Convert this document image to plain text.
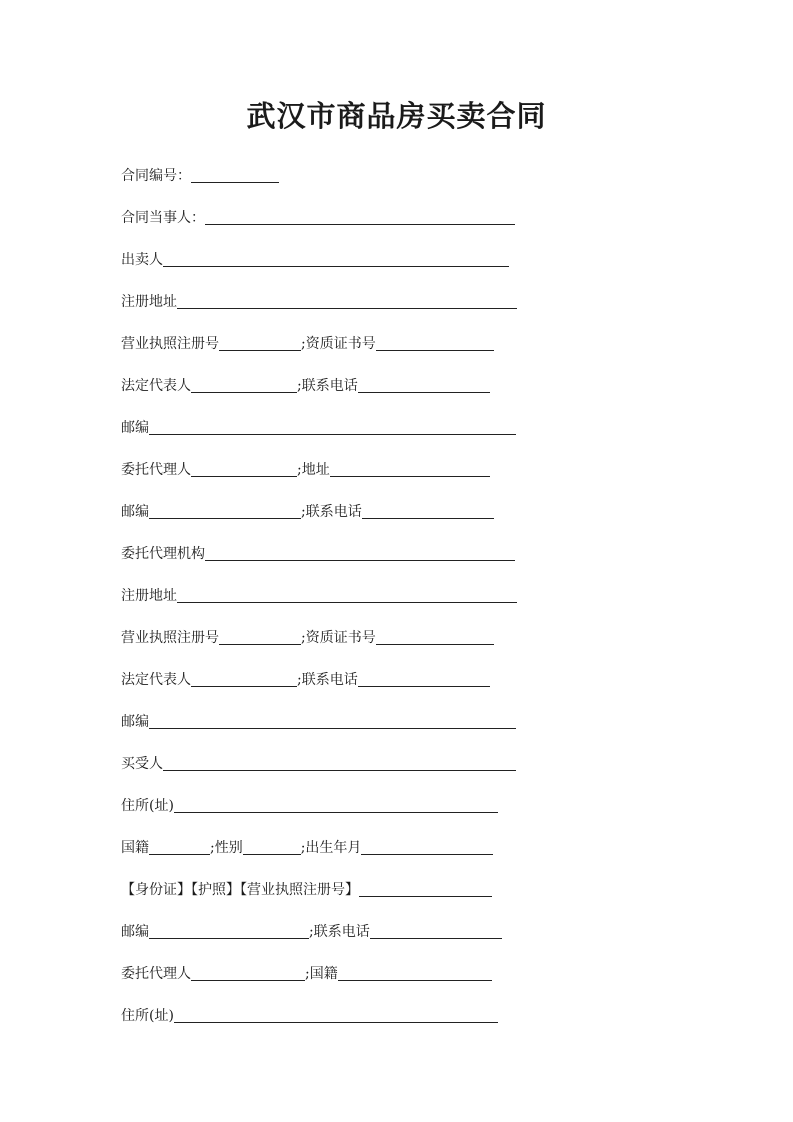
武汉市商品房买卖合同
合同编号：
合同当事人：
出卖人
注册地址
营业执照注册号	;资质证书号
法定代表人	;联系电话
邮编
委托代理人	;地址
邮编	;联系电话
委托代理机构
注册地址
营业执照注册号	;资质证书号
法定代表人	;联系电话
邮编
买受人
住所(址)
国籍	;性别	;出生年月
【身份证】【护照】【营业执照注册号】
邮编	;联系电话
委托代理人	;国籍
住所(址)
